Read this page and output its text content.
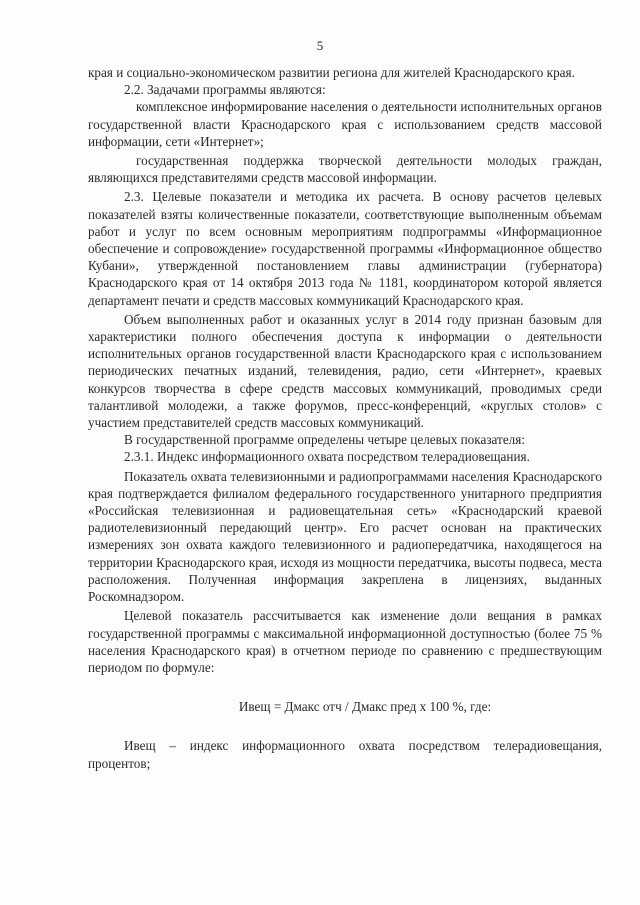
5

края и социально-экономическом развитии региона для жителей Краснодарского края.

2.2. Задачами программы являются:

комплексное информирование населения о деятельности исполнительных органов государственной власти Краснодарского края с использованием средств массовой информации, сети «Интернет»;

государственная поддержка творческой деятельности молодых граждан, являющихся представителями средств массовой информации.

2.3. Целевые показатели и методика их расчета. В основу расчетов целевых показателей взяты количественные показатели, соответствующие выполненным объемам работ и услуг по всем основным мероприятиям подпрограммы «Информационное обеспечение и сопровождение» государственной программы «Информационное общество Кубани», утвержденной постановлением главы администрации (губернатора) Краснодарского края от 14 октября 2013 года № 1181, координатором которой является департамент печати и средств массовых коммуникаций Краснодарского края.

Объем выполненных работ и оказанных услуг в 2014 году признан базовым для характеристики полного обеспечения доступа к информации о деятельности исполнительных органов государственной власти Краснодарского края с использованием периодических печатных изданий, телевидения, радио, сети «Интернет», краевых конкурсов творчества в сфере средств массовых коммуникаций, проводимых среди талантливой молодежи, а также форумов, пресс-конференций, «круглых столов» с участием представителей средств массовых коммуникаций.

В государственной программе определены четыре целевых показателя:

2.3.1. Индекс информационного охвата посредством телерадиовещания.

Показатель охвата телевизионными и радиопрограммами населения Краснодарского края подтверждается филиалом федерального государственного унитарного предприятия «Российская телевизионная и радиовещательная сеть» «Краснодарский краевой радиотелевизионный передающий центр». Его расчет основан на практических измерениях зон охвата каждого телевизионного и радиопередатчика, находящегося на территории Краснодарского края, исходя из мощности передатчика, высоты подвеса, места расположения. Полученная информация закреплена в лицензиях, выданных Роскомнадзором.

Целевой показатель рассчитывается как изменение доли вещания в рамках государственной программы с максимальной информационной доступностью (более 75 % населения Краснодарского края) в отчетном периоде по сравнению с предшествующим периодом по формуле:

Ивещ = Дмакс отч / Дмакс пред х 100 %, где:

Ивещ – индекс информационного охвата посредством телерадиовещания, процентов;
